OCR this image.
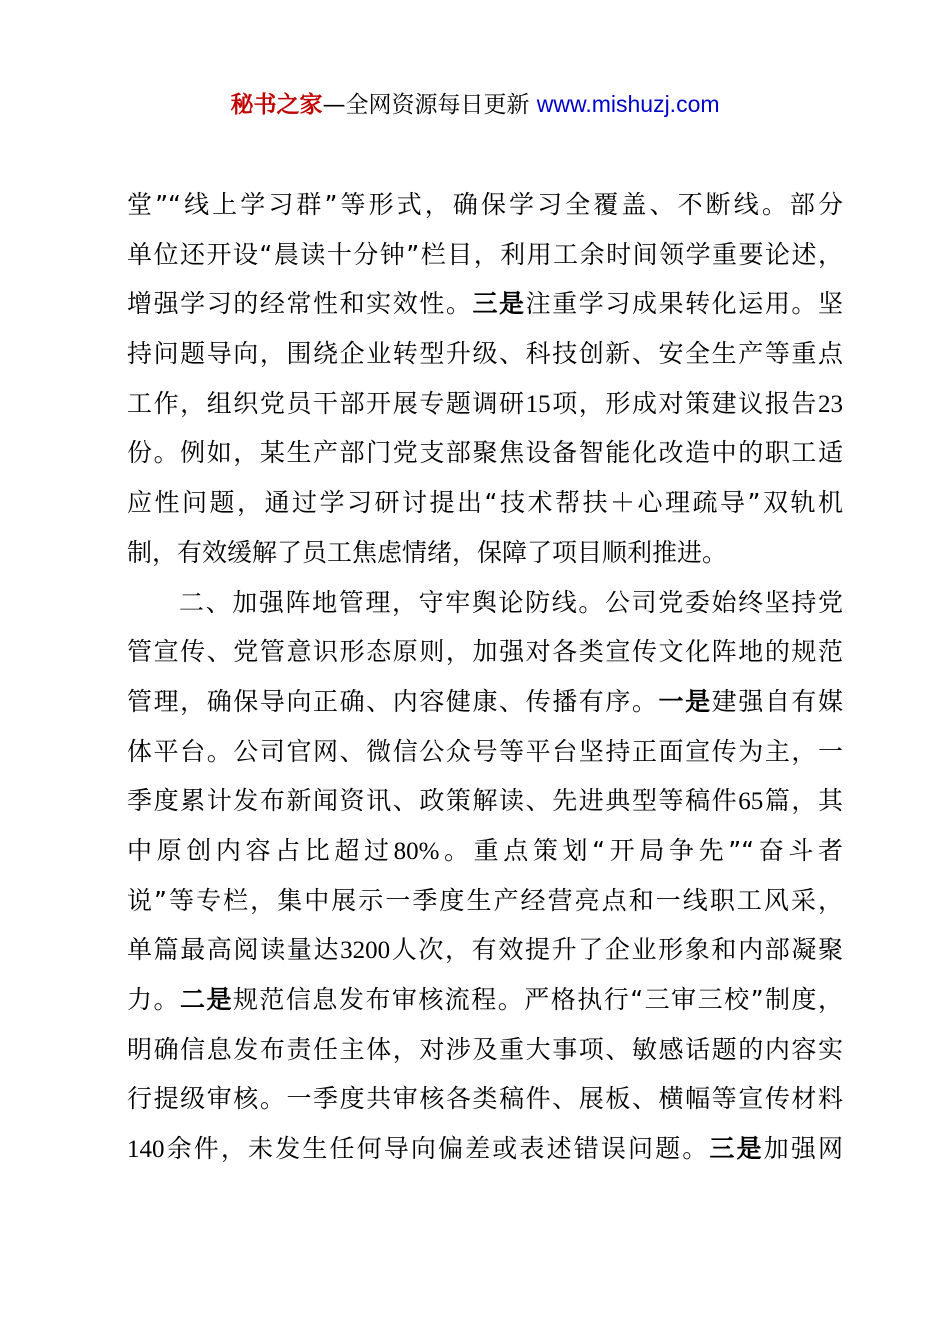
秘书之家—全网资源每日更新 www.mishuzj.com
堂”“线上学习群”等形式，确保学习全覆盖、不断线。部分
单位还开设“晨读十分钟”栏目，利用工余时间领学重要论述，
增强学习的经常性和实效性。三是注重学习成果转化运用。坚
持问题导向，围绕企业转型升级、科技创新、安全生产等重点
工作，组织党员干部开展专题调研15项，形成对策建议报告23
份。例如，某生产部门党支部聚焦设备智能化改造中的职工适
应性问题，通过学习研讨提出“技术帮扶＋心理疏导”双轨机
制，有效缓解了员工焦虑情绪，保障了项目顺利推进。
二、加强阵地管理，守牢舆论防线。公司党委始终坚持党
管宣传、党管意识形态原则，加强对各类宣传文化阵地的规范
管理，确保导向正确、内容健康、传播有序。一是建强自有媒
体平台。公司官网、微信公众号等平台坚持正面宣传为主，一
季度累计发布新闻资讯、政策解读、先进典型等稿件65篇，其
中原创内容占比超过80%。重点策划“开局争先”“奋斗者
说”等专栏，集中展示一季度生产经营亮点和一线职工风采，
单篇最高阅读量达3200人次，有效提升了企业形象和内部凝聚
力。二是规范信息发布审核流程。严格执行“三审三校”制度，
明确信息发布责任主体，对涉及重大事项、敏感话题的内容实
行提级审核。一季度共审核各类稿件、展板、横幅等宣传材料
140余件，未发生任何导向偏差或表述错误问题。三是加强网
